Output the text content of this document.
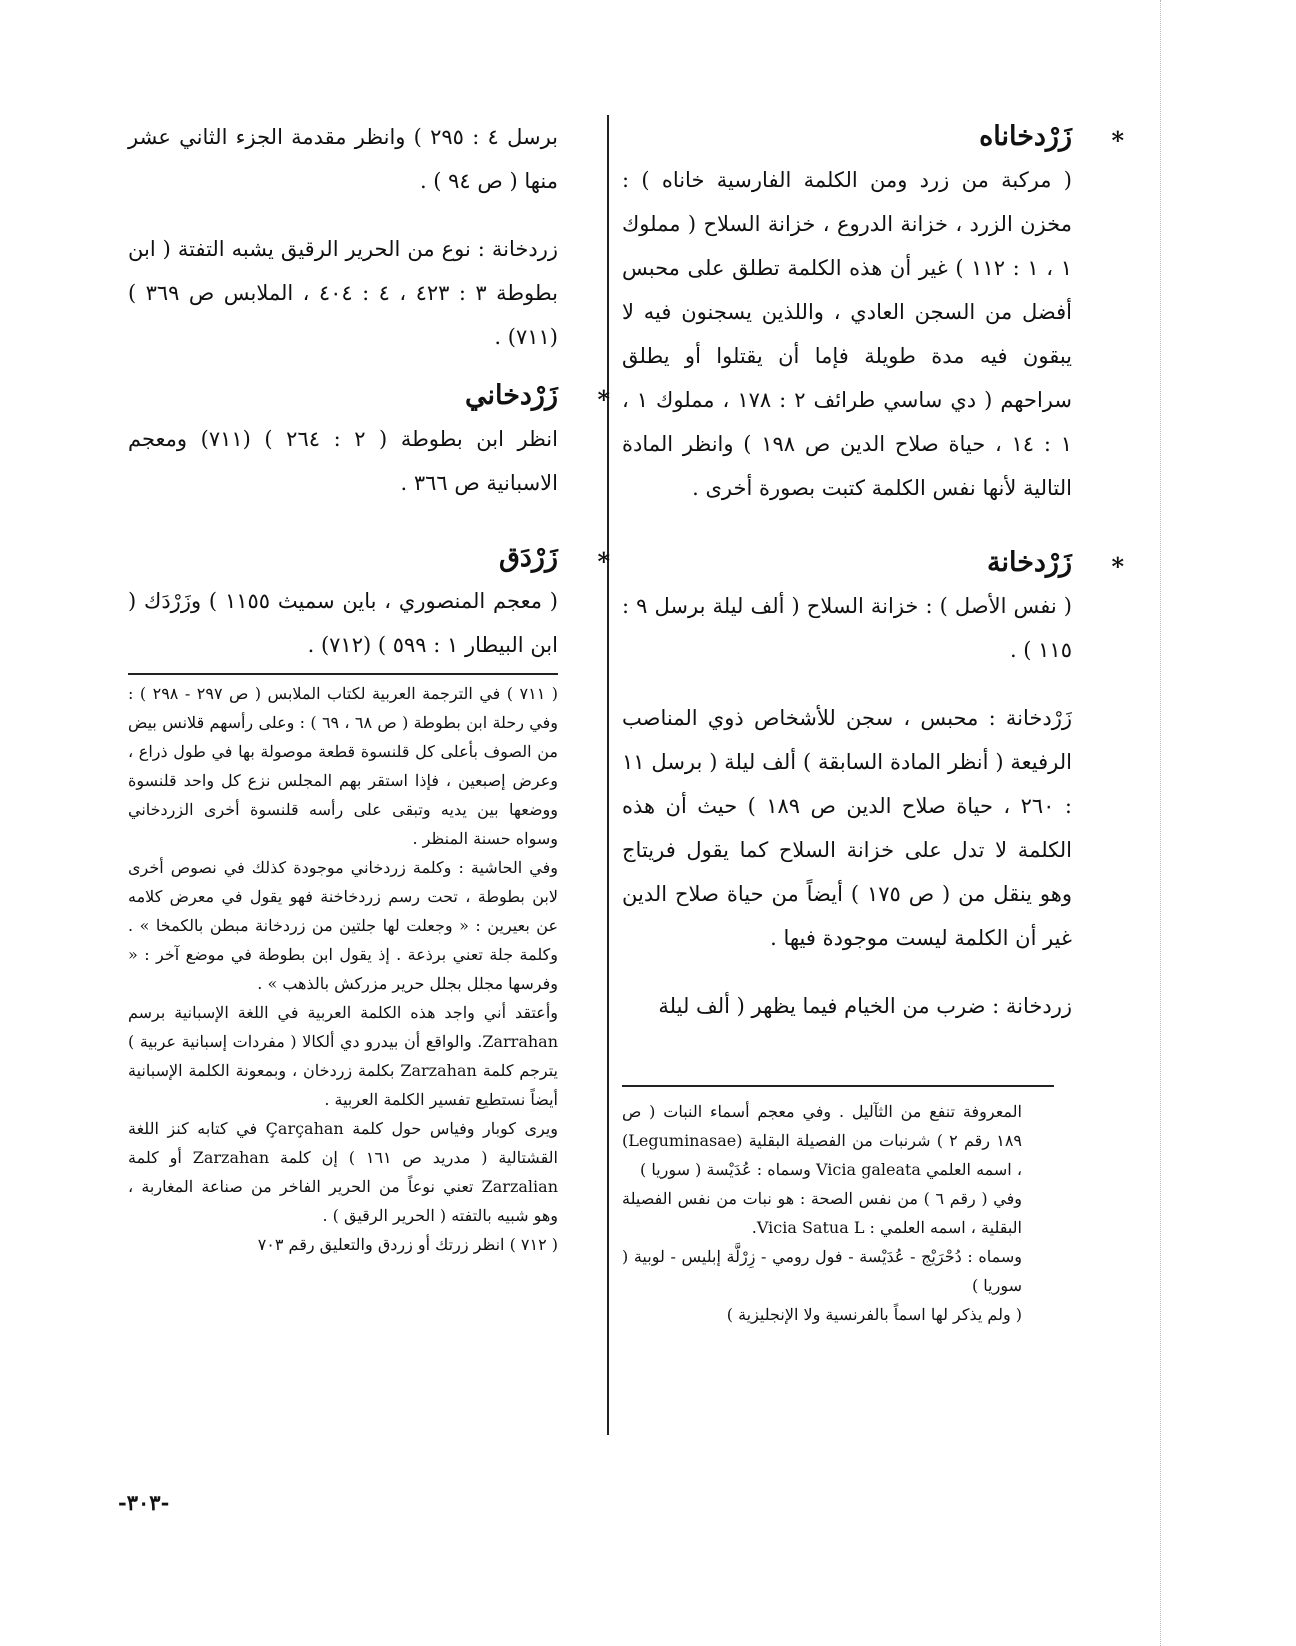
*
زَرْدخاناه

( مركبة من زرد ومن الكلمة الفارسية خاناه ) : مخزن الزرد ، خزانة الدروع ، خزانة السلاح ( مملوك ١ ، ١ : ١١٢ ) غير أن هذه الكلمة تطلق على محبس أفضل من السجن العادي ، واللذين يسجنون فيه لا يبقون فيه مدة طويلة فإما أن يقتلوا أو يطلق سراحهم ( دي ساسي طرائف ٢ : ١٧٨ ، مملوك ١ ، ١ : ١٤ ، حياة صلاح الدين ص ١٩٨ ) وانظر المادة التالية لأنها نفس الكلمة كتبت بصورة أخرى .

*
زَرْدخانة

( نفس الأصل ) : خزانة السلاح ( ألف ليلة برسل ٩ : ١١٥ ) .

زَرْدخانة : محبس ، سجن للأشخاص ذوي المناصب الرفيعة ( أنظر المادة السابقة ) ألف ليلة ( برسل ١١ : ٢٦٠ ، حياة صلاح الدين ص ١٨٩ ) حيث أن هذه الكلمة لا تدل على خزانة السلاح كما يقول فريتاج وهو ينقل من ( ص ١٧٥ ) أيضاً من حياة صلاح الدين غير أن الكلمة ليست موجودة فيها .

زردخانة : ضرب من الخيام فيما يظهر ( ألف ليلة

المعروفة تنفع من الثآليل . وفي معجم أسماء النبات ( ص ١٨٩ رقم ٢ ) شرنبات من الفصيلة البقلية (Leguminasae) ، اسمه العلمي Vicia galeata وسماه : عُدَيْسة ( سوريا )

وفي ( رقم ٦ ) من نفس الصحة : هو نبات من نفس الفصيلة البقلية ، اسمه العلمي : Vicia Satua L.

وسماه : دُحْرَيْج - عُدَيْسة - فول رومي - زِرْلَّة إبليس - لوبية ( سوريا )

( ولم يذكر لها اسماً بالفرنسية ولا الإنجليزية )

برسل ٤ : ٢٩٥ ) وانظر مقدمة الجزء الثاني عشر منها ( ص ٩٤ ) .

زردخانة : نوع من الحرير الرقيق يشبه التفتة ( ابن بطوطة ٣ : ٤٢٣ ، ٤ : ٤٠٤ ، الملابس ص ٣٦٩ ) (٧١١) .

*
زَرْدخاني

انظر ابن بطوطة ( ٢ : ٢٦٤ ) (٧١١) ومعجم الاسبانية ص ٣٦٦ .

*
زَرْدَق

( معجم المنصوري ، باين سميث ١١٥٥ ) وزَرْدَك ( ابن البيطار ١ : ٥٩٩ ) (٧١٢) .

( ٧١١ ) في الترجمة العربية لكتاب الملابس ( ص ٢٩٧ - ٢٩٨ ) : وفي رحلة ابن بطوطة ( ص ٦٨ ، ٦٩ ) : وعلى رأسهم قلانس بيض من الصوف بأعلى كل قلنسوة قطعة موصولة بها في طول ذراع ، وعرض إصبعين ، فإذا استقر بهم المجلس نزع كل واحد قلنسوة ووضعها بين يديه وتبقى على رأسه قلنسوة أخرى الزردخاني وسواه حسنة المنظر .

وفي الحاشية : وكلمة زردخاني موجودة كذلك في نصوص أخرى لابن بطوطة ، تحت رسم زردخاخنة فهو يقول في معرض كلامه عن بعيرين : « وجعلت لها جلتين من زردخانة مبطن بالكمخا » . وكلمة جلة تعني برذعة . إذ يقول ابن بطوطة في موضع آخر : « وفرسها مجلل بجلل حرير مزركش بالذهب » .

وأعتقد أني واجد هذه الكلمة العربية في اللغة الإسبانية برسم Zarrahan. والواقع أن بيدرو دي ألكالا ( مفردات إسبانية عربية ) يترجم كلمة Zarzahan بكلمة زردخان ، وبمعونة الكلمة الإسبانية أيضاً نستطيع تفسير الكلمة العربية .

ويرى كوبار وفياس حول كلمة Çarçahan في كتابه كنز اللغة القشتالية ( مدريد ص ١٦١ ) إن كلمة Zarzahan أو كلمة Zarzalian تعني نوعاً من الحرير الفاخر من صناعة المغاربة ، وهو شبيه بالتفته ( الحرير الرقيق ) .

( ٧١٢ ) انظر زرتك أو زردق والتعليق رقم ٧٠٣

-٣٠٣-
